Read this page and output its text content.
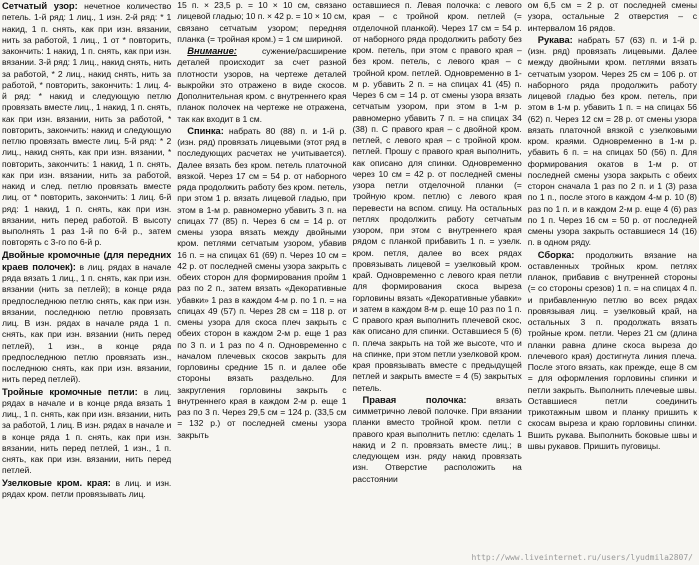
Сетчатый узор: нечетное количество петель. 1-й ряд: 1 лиц., 1 изн. 2-й ряд: * 1 накид, 1 п. снять, как при изн. вязании, нить за работой, 1 лиц., 1 от * повторить, закончить: 1 накид, 1 п. снять, как при изн. вязании. 3-й ряд: 1 лиц., накид снять, нить за работой, * 2 лиц., накид снять, нить за работой, * повторить, закончить: 1 лиц. 4-й ряд: * накид и следующую петлю провязать вместе лиц., 1 накид, 1 п. снять, как при изн. вязании, нить за работой, * повторить, закончить: накид и следующую петлю провязать вместе лиц. 5-й ряд: * 2 лиц., накид снять, как при изн. вязании, * повторить, закончить: 1 накид, 1 п. снять, как при изн. вязании, нить за работой, накид и след. петлю провязать вместе лиц. от * повторить, закончить: 1 лиц. 6-й ряд: 1 накид, 1 п. снять, как при изн. вязании, нить перед работой. В высоту выполнять 1 раз 1-й по 6-й р., затем повторять с 3-го по 6-й р.

Двойные кромочные (для передних краев полочек): в лиц. рядах в начале ряда вязать 1 лиц., 1 п. снять, как при изн. вязании (нить за петлей); в конце ряда предпоследнюю петлю снять, как при изн. вязании, последнюю петлю провязать лиц. В изн. рядах в начале ряда 1 п. снять, как при изн. вязании (нить перед петлей), 1 изн., в конце ряда предпоследнюю петлю провязать изн., последнюю снять, как при изн. вязании, нить перед петлей).

Тройные кромочные петли: в лиц. рядах в начале и в конце ряда вязать 1 лиц., 1 п. снять, как при изн. вязании, нить за работой, 1 лиц. В изн. рядах в начале и в конце ряда 1 п. снять, как при изн. вязании, нить перед петлей, 1 изн., 1 п. снять, как при изн. вязании, нить перед петлей.

Узелковые кром. края: в лиц. и изн. рядах кром. петли провязывать лиц.

15 п. × 23,5 р. = 10 × 10 см, связано лицевой гладью; 10 п. × 42 р. = 10 × 10 см, связано сетчатым узором; передняя планка (= тройная кром.) = 1 см шириной.

Внимание: сужение/расширение деталей происходит за счет разной плотности узоров, на чертеже деталей выкройки это отражено в виде скосов. Дополнительная кром. с внутреннего края планок полочек на чертеже не отражена, так как входит в 1 см.

Спинка: набрать 80 (88) п. и 1-й р. (изн. ряд) провязать лицевыми (этот ряд в последующих расчетах не учитывается). Далее вязать без кром. петель платочной вязкой. Через 17 см = 54 р. от наборного ряда продолжить работу без кром. петель, при этом 1 р. вязать лицевой гладью, при этом в 1-м р. равномерно убавить 3 п. на спицах 77 (85) п. Через 6 см = 14 р. от смены узора вязать между двойными кром. петлями сетчатым узором, убавив 16 п. = на спицах 61 (69) п. Через 10 см = 42 р. от последней смены узора закрыть с обеих сторон для формирования пройм 1 раз по 2 п., затем вязать «Декоративные убавки» 1 раз в каждом 4-м р. по 1 п. = на спицах 49 (57) п. Через 28 см = 118 р. от смены узора для скоса плеч закрыть с обеих сторон в каждом 2-м р. еще 1 раз по 3 п. и 1 раз по 4 п. Одновременно с началом плечевых скосов закрыть для горловины средние 15 п. и далее обе стороны вязать раздельно. Для закругления горловины закрыть с внутреннего края в каждом 2-м р. еще 1 раз по 3 п. Через 29,5 см = 124 р. (33,5 см = 132 р.) от последней смены узора закрыть

оставшиеся п. Левая полочка: с левого края – с тройной кром. петлей (= отделочной планкой). Через 17 см = 54 р. от наборного ряда продолжить работу без кром. петель, при этом с правого края – без кром. петель, с левого края – с тройной кром. петлей. Одновременно в 1-м р. убавить 2 п. = на спицах 41 (45) п. Через 6 см = 14 р. от смены узора вязать сетчатым узором, при этом в 1-м р. равномерно убавить 7 п. = на спицах 34 (38) п. С правого края – с двойной кром. петлей, с левого края – с тройной кром. петлей. Прошу с правого края выполнить, как описано для спинки. Одновременно через 10 см = 42 р. от последней смены узора петли отделочной планки (= тройную кром. петлю) с левого края перевести на вспом. спицу. На остальных петлях продолжить работу сетчатым узором, при этом с внутреннего края рядом с планкой прибавить 1 п. = узелк. кром. петля, далее во всех рядах провязывать лицевой = узелковый кром. край. Одновременно с левого края петли для формирования скоса выреза горловины вязать «Декоративные убавки» и затем в каждом 8-м р. еще 10 раз по 1 п. С правого края выполнить плечевой скос, как описано для спинки. Оставшиеся 5 (6) п. плеча закрыть на той же высоте, что и на спинке, при этом петли узелковой кром. края провязывать вместе с предыдущей петлей и закрыть вместе = 4 (5) закрытых петель.

Правая полочка: вязать симметрично левой полочке. При вязании планки вместо тройной кром. петли с правого края выполнить петлю: сделать 1 накид и 2 п. провязать вместе лиц.; в следующем изн. ряду накид провязать изн. Отверстие расположить на расстоянии

ом 6,5 см = 2 р. от последней смены узора, остальные 2 отверстия – с интервалом 16 рядов.

Рукава: набрать 57 (63) п. и 1-й р. (изн. ряд) провязать лицевыми. Далее между двойными кром. петлями вязать сетчатым узором. Через 25 см = 106 р. от наборного ряда продолжить работу лицевой гладью без кром. петель, при этом в 1-м р. убавить 1 п. = на спицах 56 (62) п. Через 12 см = 28 р. от смены узора вязать платочной вязкой с узелковыми кром. краями. Одновременно в 1-м р. убавить 6 п. = на спицах 50 (56) п. Для формирования окатов в 1-м р. от последней смены узора закрыть с обеих сторон сначала 1 раз по 2 п. и 1 (3) раза по 1 п., после этого в каждом 4-м р. 10 (8) раз по 1 п. и в каждом 2-м р. еще 4 (6) раз по 1 п. Через 16 см = 50 р. от последней смены узора закрыть оставшиеся 14 (16) п. в одном ряду.

Сборка: продолжить вязание на оставленных тройных кром. петлях планок, прибавив с внутренней стороны (= со стороны срезов) 1 п. = на спицах 4 п. и прибавленную петлю во всех рядах провязывая лиц. = узелковый край, на остальных 3 п. продолжать вязать тройные кром. петли. Через 21 см (длина планки равна длине скоса выреза до плечевого края) достигнута линия плеча. После этого вязать, как прежде, еще 8 см = для оформления горловины спинки и петли закрыть. Выполнить плечевые швы. Оставшиеся петли соединить трикотажным швом и планку пришить к скосам выреза и краю горловины спинки. Вшить рукава. Выполнить боковые швы и швы рукавов. Пришить пуговицы.

http://www.liveinternet.ru/users/lyudmila2807/
